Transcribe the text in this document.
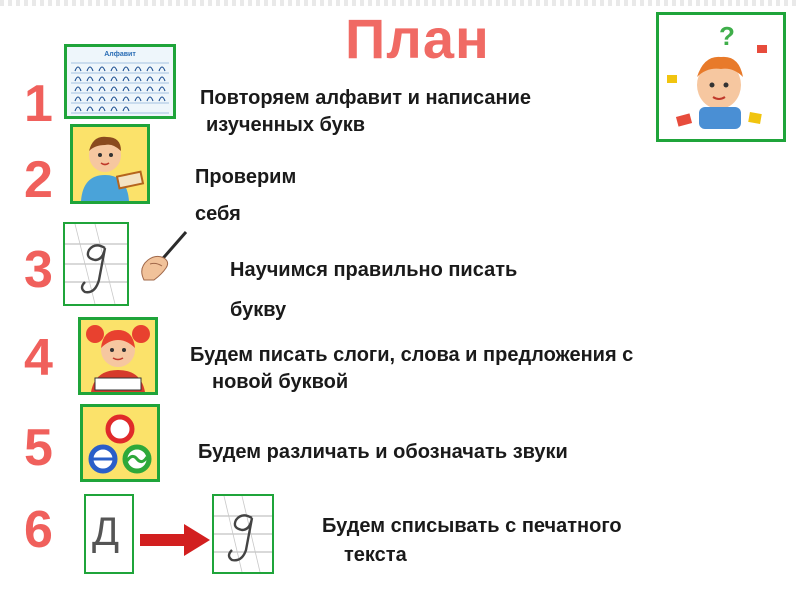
План	?
1
Алфавит
Повторяем алфавит и написание
изученных букв
2	Проверим
себя
3	Научимся правильно писать
букву
4	Будем писать слоги, слова и предложения с
новой буквой
5	Будем различать и обозначать звуки
6 Д	Будем списывать с печатного
текста
